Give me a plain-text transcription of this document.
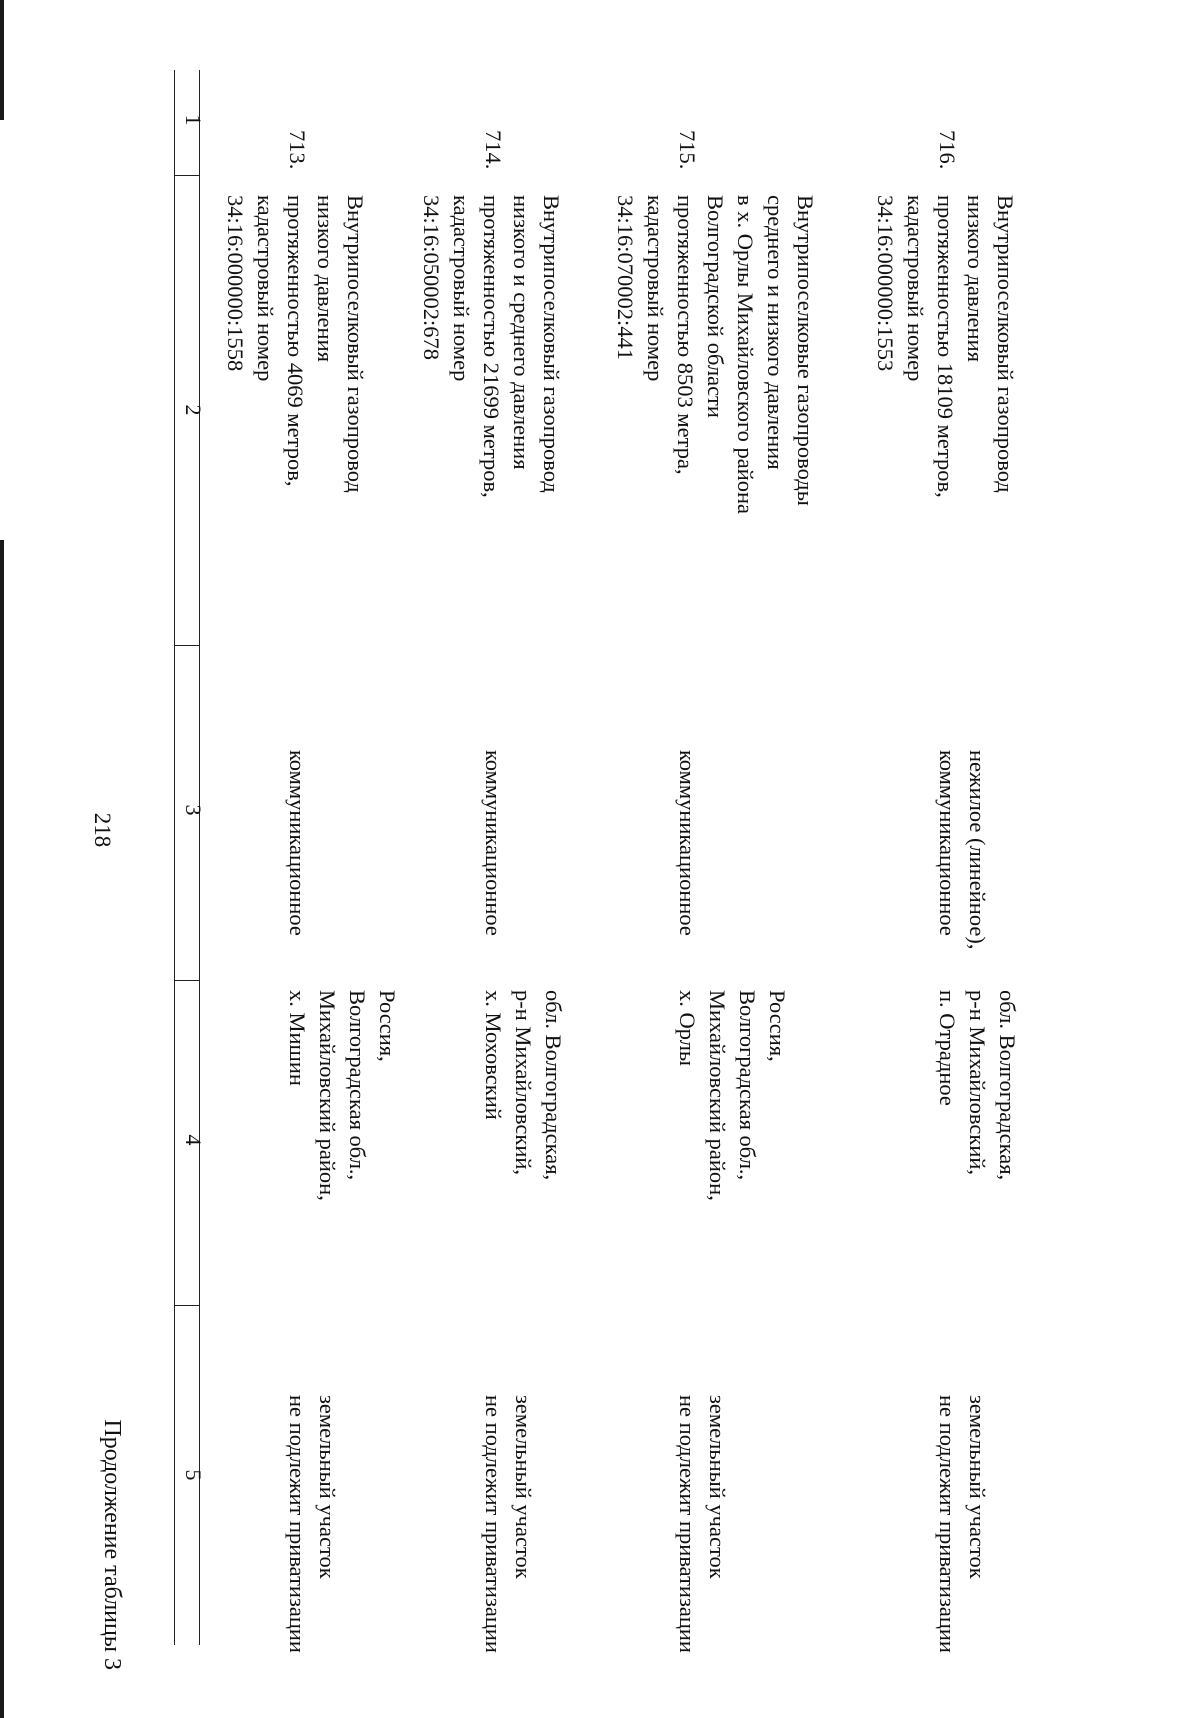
218
Продолжение таблицы 3
1
2
3
4
5
713.
Внутрипоселковый газопровод
низкого давления
протяженностью 4069 метров,
кадастровый номер
34:16:000000:1558
коммуникационное
Россия,
Волгоградская обл.,
Михайловский район,
х. Мишин
земельный участок
не подлежит приватизации
714.
Внутрипоселковый газопровод
низкого и среднего давления
протяженностью 21699 метров,
кадастровый номер
34:16:050002:678
коммуникационное
обл. Волгоградская,
р-н Михайловский,
х. Моховский
земельный участок
не подлежит приватизации
715.
Внутрипоселковые газопроводы
среднего и низкого давления
в х. Орлы Михайловского района
Волгоградской области
протяженностью 8503 метра,
кадастровый номер
34:16:070002:441
коммуникационное
Россия,
Волгоградская обл.,
Михайловский район,
х. Орлы
земельный участок
не подлежит приватизации
716.
Внутрипоселковый газопровод
низкого давления
протяженностью 18109 метров,
кадастровый номер
34:16:000000:1553
нежилое (линейное),
коммуникационное
обл. Волгоградская,
р-н Михайловский,
п. Отрадное
земельный участок
не подлежит приватизации
